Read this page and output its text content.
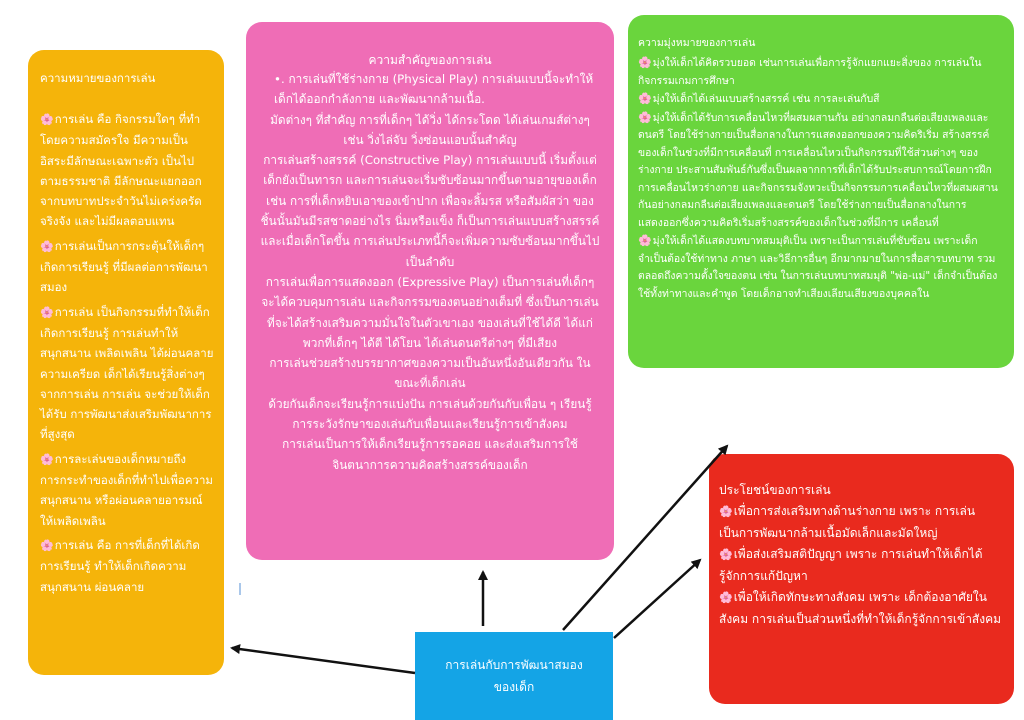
ความหมายของการเล่น
🌸การเล่น คือ กิจกรรมใดๆ ที่ทำโดยความสมัครใจ มีความเป็นอิสระมีลักษณะเฉพาะตัว เป็นไปตามธรรมชาติ มีลักษณะแยกออกจากบทบาทประจำวันไม่เคร่งครัดจริงจัง และไม่มีผลตอบแทน
🌸การเล่นเป็นการกระตุ้นให้เด็กๆเกิดการเรียนรู้ ที่มีผลต่อการพัฒนาสมอง
🌸การเล่น เป็นกิจกรรมที่ทำให้เด็กเกิดการเรียนรู้ การเล่นทำให้สนุกสนาน เพลิดเพลิน ได้ผ่อนคลายความเครียด เด็กได้เรียนรู้สิ่งต่างๆจากการเล่น การเล่น จะช่วยให้เด็กได้รับ การพัฒนาส่งเสริมพัฒนาการที่สูงสุด
🌸การละเล่นของเด็กหมายถึง การกระทำของเด็กที่ทำไปเพื่อความสนุกสนาน หรือผ่อนคลายอารมณ์ให้เพลิดเพลิน
🌸การเล่น คือ การที่เด็กที่ได้เกิดการเรียนรู้ ทำให้เด็กเกิดความสนุกสนาน ผ่อนคลาย
ความสำคัญของการเล่น
•. การเล่นที่ใช้ร่างกาย (Physical Play) การเล่นแบบนี้จะทำให้เด็กได้ออกกำลังกาย และพัฒนากล้ามเนื้อ.
มัดต่างๆ ที่สำคัญ การที่เด็กๆ ได้วิ่ง ได้กระโดด ได้เล่นเกมส์ต่างๆ เช่น วิ่งไล่จับ วิ่งซ่อนแอบนั้นสำคัญ
การเล่นสร้างสรรค์ (Constructive Play) การเล่นแบบนี้ เริ่มตั้งแต่เด็กยังเป็นทารก และการเล่นจะเริ่มซับซ้อนมากขึ้นตามอายุของเด็ก เช่น การที่เด็กหยิบเอาของเข้าปาก เพื่อจะลิ้มรส หรือสัมผัสว่า ของชิ้นนั้นมันมีรสชาดอย่างไร นิ่มหรือแข็ง ก็เป็นการเล่นแบบสร้างสรรค์ และเมื่อเด็กโตขึ้น การเล่นประเภทนี้ก็จะเพิ่มความซับซ้อนมากขึ้นไปเป็นลำดับ
การเล่นเพื่อการแสดงออก (Expressive Play) เป็นการเล่นที่เด็กๆ จะได้ควบคุมการเล่น และกิจกรรมของตนอย่างเต็มที่ ซึ่งเป็นการเล่นที่จะได้สร้างเสริมความมั่นใจในตัวเขาเอง ของเล่นที่ใช้ได้ดี ได้แก่ พวกที่เด็กๆ ได้ตี ได้โยน ได้เล่นดนตรีต่างๆ ที่มีเสียง
การเล่นช่วยสร้างบรรยากาศของความเป็นอันหนึ่งอันเดียวกัน ในขณะที่เด็กเล่น
ด้วยกันเด็กจะเรียนรู้การแบ่งปัน การเล่นด้วยกันกับเพื่อน ๆ เรียนรู้การระวังรักษาของเล่นกับเพื่อนและเรียนรู้การเข้าสังคม
การเล่นเป็นการให้เด็กเรียนรู้การรอคอย และส่งเสริมการใช้จินตนาการความคิดสร้างสรรค์ของเด็ก
ความมุ่งหมายของการเล่น
🌸มุ่งให้เด็กได้คิดรวบยอด เช่นการเล่นเพื่อการรู้จักแยกแยะสิ่งของ การเล่นในกิจกรรมเกมการศึกษา
🌸มุ่งให้เด็กได้เล่นแบบสร้างสรรค์ เช่น การละเล่นกับสี
🌸มุ่งให้เด็กได้รับการเคลื่อนไหวที่ผสมผสานกัน อย่างกลมกลืนต่อเสียงเพลงและดนตรี โดยใช้ร่างกายเป็นสื่อกลางในการแสดงออกของความคิดริเริ่ม สร้างสรรค์ของเด็กในช่วงที่มีการเคลื่อนที่ การเคลื่อนไหวเป็นกิจกรรมที่ใช้ส่วนต่างๆ ของร่างกาย ประสานสัมพันธ์กันซึ่งเป็นผลจากการที่เด็กได้รับประสบการณ์โดยการฝึกการเคลื่อนไหวร่างกาย และกิจกรรมจังหวะเป็นกิจกรรมการเคลื่อนไหวที่ผสมผสานกันอย่างกลมกลืนต่อเสียงเพลงและดนตรี โดยใช้ร่างกายเป็นสื่อกลางในการแสดงออกซึ่งความคิดริเริ่มสร้างสรรค์ของเด็กในช่วงที่มีการ เคลื่อนที่
🌸มุ่งให้เด็กได้แสดงบทบาทสมมุติเป็น เพราะเป็นการเล่นที่ซับซ้อน เพราะเด็กจำเป็นต้องใช้ท่าทาง ภาษา และวิธีการอื่นๆ อีกมากมายในการสื่อสารบทบาท รวมตลอดถึงความตั้งใจของตน เช่น ในการเล่นบทบาทสมมุติ "พ่อ-แม่" เด็กจำเป็นต้องใช้ทั้งท่าทางและคำพูด โดยเด็กอาจทำเสียงเลียนเสียงของบุคคลใน
ประโยชน์ของการเล่น
🌸เพื่อการส่งเสริมทางด้านร่างกาย เพราะ การเล่นเป็นการพัฒนากล้ามเนื้อมัดเล็กและมัดใหญ่
🌸เพื่อส่งเสริมสติปัญญา เพราะ การเล่นทำให้เด็กได้รู้จักการแก้ปัญหา
🌸เพื่อให้เกิดทักษะทางสังคม เพราะ เด็กต้องอาศัยในสังคม การเล่นเป็นส่วนหนึ่งที่ทำให้เด็กรู้จักการเข้าสังคม
การเล่นกับการพัฒนาสมองของเด็ก
